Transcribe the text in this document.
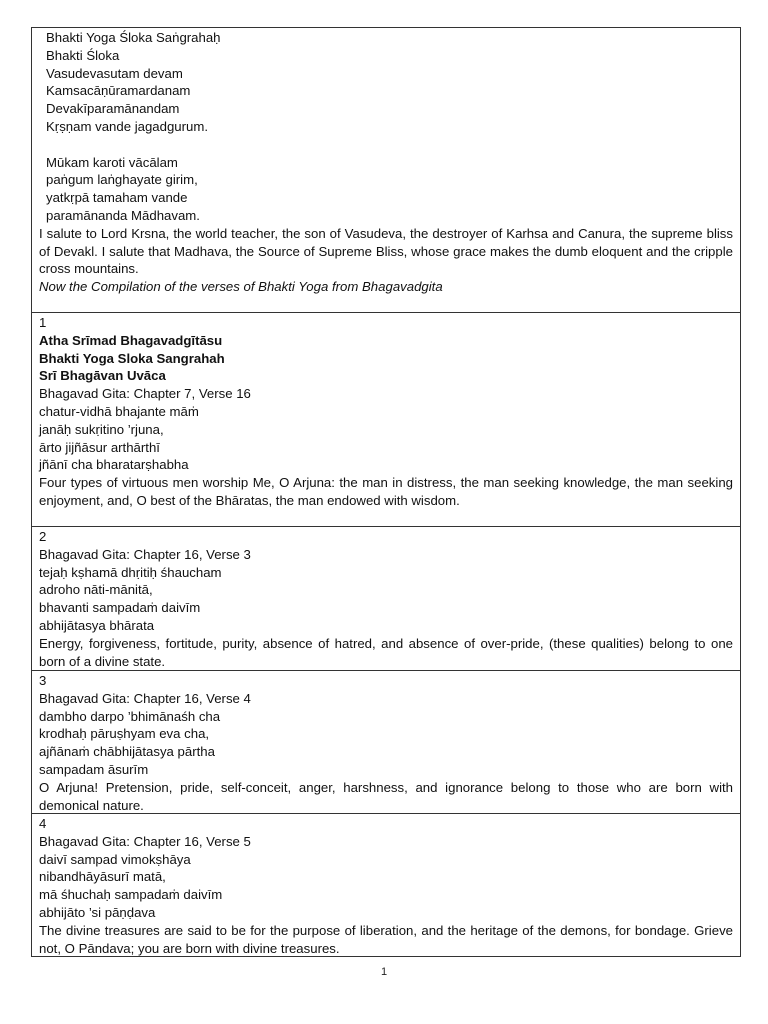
Bhakti Yoga Śloka Saṅgrahaḥ
Bhakti Śloka
Vasudevasutam devam
Kamsacāṇūramardanam
Devakīparamānandam
Kṛṣṇam vande jagadgurum.
Mūkam karoti vācālam
paṅgum laṅghayate girim,
yatkṛpā tamaham vande
paramānanda Mādhavam.
I salute to Lord Krsna, the world teacher, the son of Vasudeva, the destroyer of Karhsa and Canura, the supreme bliss of Devakl. I salute that Madhava, the Source of Supreme Bliss, whose grace makes the dumb eloquent and the cripple cross mountains.
Now the Compilation of the verses of Bhakti Yoga from Bhagavadgita
1
Atha Srīmad Bhagavadgītāsu
Bhakti Yoga Sloka Sangrahah
Srī Bhagāvan Uvāca
Bhagavad Gita: Chapter 7, Verse 16
chatur-vidhā bhajante māṁ
janāḥ sukṛitino ’rjuna,
ārto jijñāsur arthārthī
jñānī cha bharatarṣhabha
Four types of virtuous men worship Me, O Arjuna: the man in distress, the man seeking knowledge, the man seeking enjoyment, and, O best of the Bhāratas, the man endowed with wisdom.
2
Bhagavad Gita: Chapter 16, Verse 3
tejaḥ kṣhamā dhṛitiḥ śhaucham
adroho nāti-mānitā,
bhavanti sampadaṁ daivīm
abhijātasya bhārata
Energy, forgiveness, fortitude, purity, absence of hatred, and absence of over-pride, (these qualities) belong to one born of a divine state.
3
Bhagavad Gita: Chapter 16, Verse 4
dambho darpo ’bhimānaśh cha
krodhaḥ pāruṣhyam eva cha,
ajñānaṁ chābhijātasya pārtha
sampadam āsurīm
O Arjuna! Pretension, pride, self-conceit, anger, harshness, and ignorance belong to those who are born with demonical nature.
4
Bhagavad Gita: Chapter 16, Verse 5
daivī sampad vimokṣhāya
nibandhāyāsurī matā,
mā śhuchaḥ sampadaṁ daivīm
abhijāto ’si pāṇḍava
The divine treasures are said to be for the purpose of liberation, and the heritage of the demons, for bondage. Grieve not, O Pāndava; you are born with divine treasures.
1
